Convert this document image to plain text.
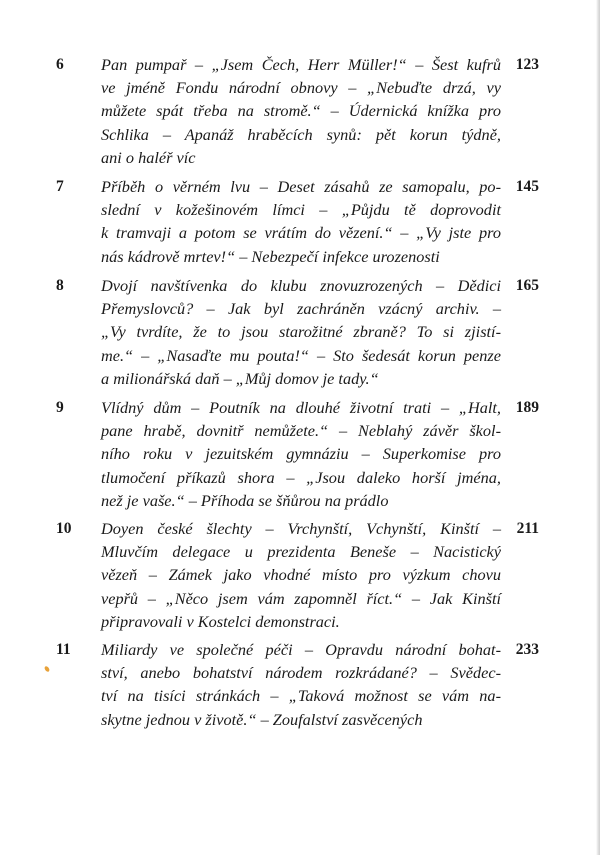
6 Pan pumpař – „Jsem Čech, Herr Müller!“ – Šest kufrů
ve jméně Fondu národní obnovy – „Nebuďte drzá, vy
můžete spát třeba na stromě.“ – Údernická knížka pro
Schlika – Apanáž hraběcích synů: pět korun týdně,
ani o haléř víc
123
7 Příběh o věrném lvu – Deset zásahů ze samopalu, po-
slední v kožešinovém límci – „Půjdu tě doprovodit
k tramvaji a potom se vrátím do vězení.“ – „Vy jste pro
nás kádrově mrtev!“ – Nebezpečí infekce urozenosti
145
8 Dvojí navštívenka do klubu znovuzrozených – Dědici
Přemyslovců? – Jak byl zachráněn vzácný archiv. –
„Vy tvrdíte, že to jsou starožitné zbraně? To si zjistí-
me.“ – „Nasaďte mu pouta!“ – Sto šedesát korun penze
a milionářská daň – „Můj domov je tady.“
165
9 Vlídný dům – Poutník na dlouhé životní trati – „Halt,
pane hrabě, dovnitř nemůžete.“ – Neblahý závěr škol-
ního roku v jezuitském gymnáziu – Superkomise pro
tlumočení příkazů shora – „Jsou daleko horší jména,
než je vaše.“ – Příhoda se šňůrou na prádlo
189
10 Doyen české šlechty – Vrchynští, Vchynští, Kinští –
Mluvčím delegace u prezidenta Beneše – Nacistický
vězeň – Zámek jako vhodné místo pro výzkum chovu
vepřů – „Něco jsem vám zapomněl říct.“ – Jak Kinští
připravovali v Kostelci demonstraci.
211
11 Miliardy ve společné péči – Opravdu národní bohat-
ství, anebo bohatství národem rozkrádané? – Svědec-
tví na tisíci stránkách – „Taková možnost se vám na-
skytne jednou v životě.“ – Zoufalství zasvěcených
233
